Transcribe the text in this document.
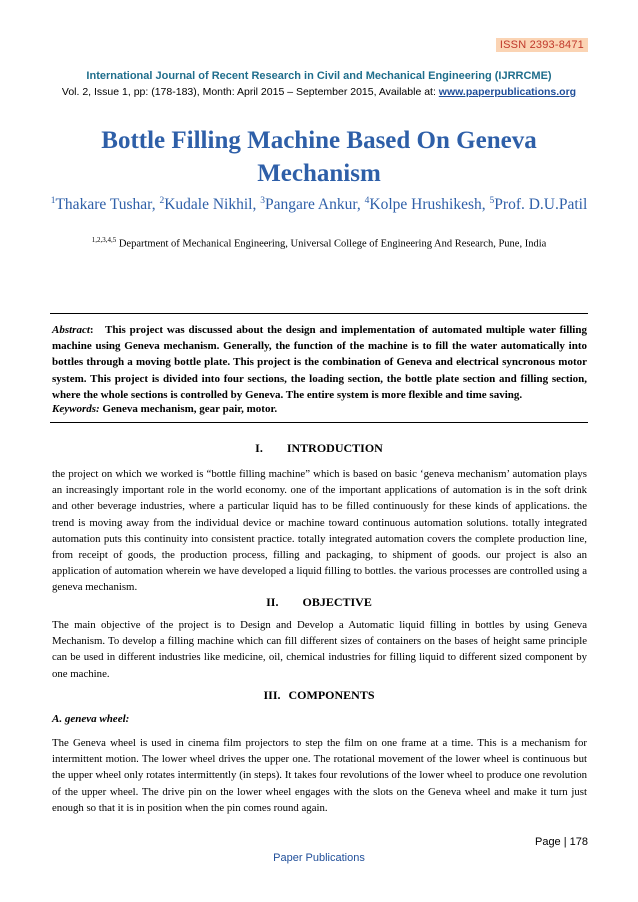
ISSN 2393-8471
International Journal of Recent Research in Civil and Mechanical Engineering (IJRRCME)
Vol. 2, Issue 1, pp: (178-183), Month: April 2015 – September 2015, Available at: www.paperpublications.org
Bottle Filling Machine Based On Geneva Mechanism
$^1$Thakare Tushar, $^2$Kudale Nikhil, $^3$Pangare Ankur, $^4$Kolpe Hrushikesh, $^5$Prof. D.U.Patil
$^{1,2,3,4,5}$ Department of Mechanical Engineering, Universal College of Engineering And Research, Pune, India
Abstract:   This project was discussed about the design and implementation of automated multiple water filling machine using Geneva mechanism. Generally, the function of the machine is to fill the water automatically into bottles through a moving bottle plate. This project is the combination of Geneva and electrical syncronous motor system. This project is divided into four sections, the loading section, the bottle plate section and filling section, where the whole sections is controlled by Geneva. The entire system is more flexible and time saving.
Keywords: Geneva mechanism, gear pair, motor.
I. INTRODUCTION
the project on which we worked is “bottle filling machine” which is based on basic ‘geneva mechanism’ automation plays an increasingly important role in the world economy. one of the important applications of automation is in the soft drink and other beverage industries, where a particular liquid has to be filled continuously for these kinds of applications. the trend is moving away from the individual device or machine toward continuous automation solutions. totally integrated automation puts this continuity into consistent practice. totally integrated automation covers the complete production line, from receipt of goods, the production process, filling and packaging, to shipment of goods. our project is also an application of automation wherein we have developed a liquid filling to bottles. the various processes are controlled using a geneva mechanism.
II. OBJECTIVE
The main objective of the project is to Design and Develop a Automatic liquid filling in bottles by using Geneva Mechanism. To develop a filling machine which can fill different sizes of containers on the bases of height same principle can be used in different industries like medicine, oil, chemical industries for filling liquid to different sized component by one machine.
III. COMPONENTS
A. geneva wheel:
The Geneva wheel is used in cinema film projectors to step the film on one frame at a time. This is a mechanism for intermittent motion. The lower wheel drives the upper one. The rotational movement of the lower wheel is continuous but the upper wheel only rotates intermittently (in steps). It takes four revolutions of the lower wheel to produce one revolution of the upper wheel. The drive pin on the lower wheel engages with the slots on the Geneva wheel and make it turn just enough so that it is in position when the pin comes round again.
Page | 178
Paper Publications
